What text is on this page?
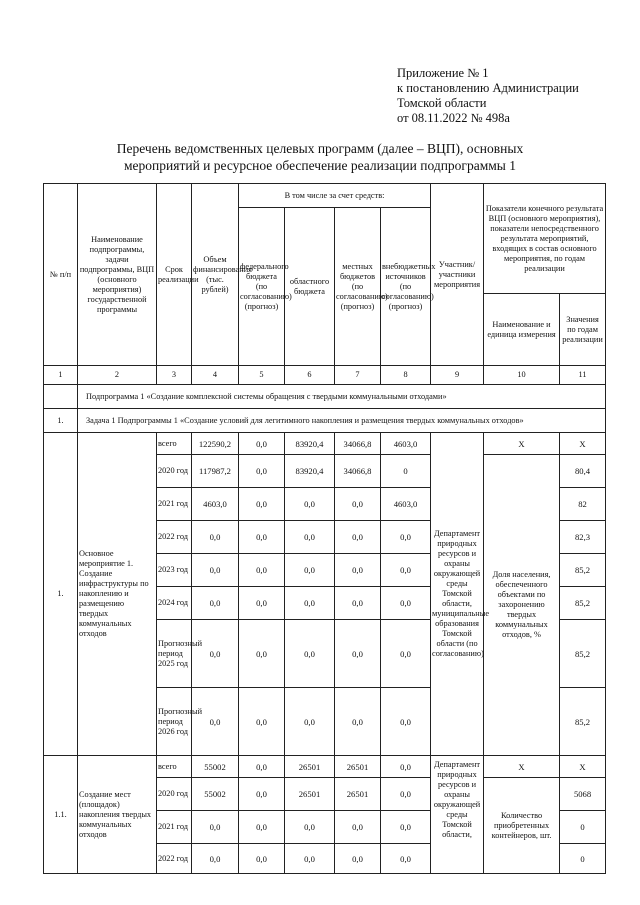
Приложение № 1
к постановлению Администрации
Томской области
от 08.11.2022 № 498а
Перечень ведомственных целевых программ (далее – ВЦП), основных
мероприятий и ресурсное обеспечение реализации подпрограммы 1
№ п/п	Наименование подпрограммы, задачи подпрограммы, ВЦП (основного мероприятия) государственной программы	Срок реализации	Объем финансирования (тыс. рублей)	В том числе за счет средств:				Участник/ участники мероприятия	Показатели конечного результата ВЦП (основного мероприятия), показатели непосредственного результата мероприятий, входящих в состав основного мероприятия, по годам реализации	
				федерального бюджета (по согласованию) (прогноз)	областного бюджета	местных бюджетов (по согласованию) (прогноз)	внебюджетных источников (по согласованию) (прогноз)			
									Наименование и единица измерения	Значения по годам реализации
1	2	3	4	5	6	7	8	9	10	11
	Подпрограмма 1 «Создание комплексной системы обращения с твердыми коммунальными отходами»									
1.	Задача 1 Подпрограммы 1 «Создание условий для легитимного накопления и размещения твердых коммунальных отходов»									
1.	Основное мероприятие 1. Создание инфраструктуры по накоплению и размещению твердых коммунальных отходов	всего	122590,2	0,0	83920,4	34066,8	4603,0	Департамент природных ресурсов и охраны окружающей среды Томской области, муниципальные образования Томской области (по согласованию)	Х	Х
		2020 год	117987,2	0,0	83920,4	34066,8	0		Доля населения, обеспеченного объектами по захоронению твердых коммунальных отходов, %	80,4
		2021 год	4603,0	0,0	0,0	0,0	4603,0			82
		2022 год	0,0	0,0	0,0	0,0	0,0			82,3
		2023 год	0,0	0,0	0,0	0,0	0,0			85,2
		2024 год	0,0	0,0	0,0	0,0	0,0			85,2
		Прогнозный период 2025 год	0,0	0,0	0,0	0,0	0,0			85,2
		Прогнозный период 2026 год	0,0	0,0	0,0	0,0	0,0			85,2
1.1.	Создание мест (площадок) накопления твердых коммунальных отходов	всего	55002	0,0	26501	26501	0,0	Департамент природных ресурсов и охраны окружающей среды Томской области,	Х	Х
		2020 год	55002	0,0	26501	26501	0,0		Количество приобретенных контейнеров, шт.	5068
		2021 год	0,0	0,0	0,0	0,0	0,0			0
		2022 год	0,0	0,0	0,0	0,0	0,0			0
